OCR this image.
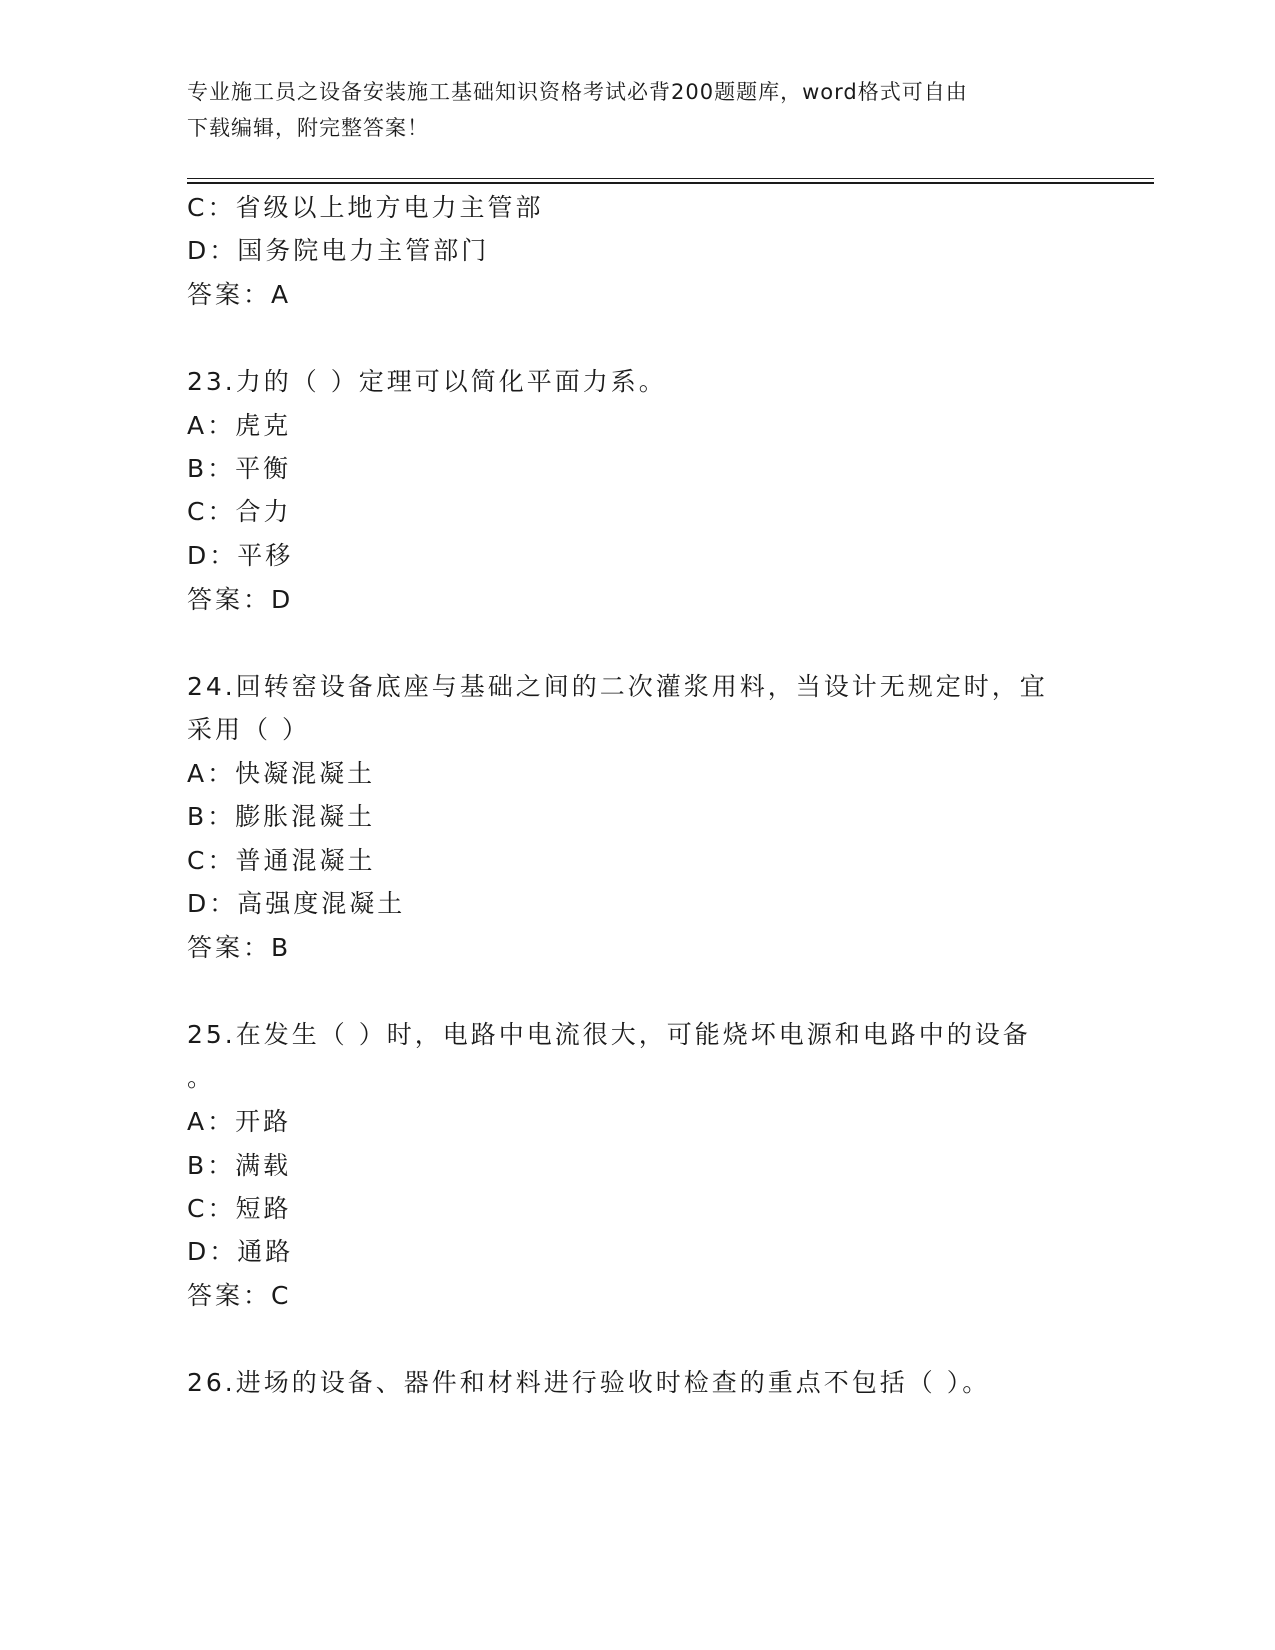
专业施工员之设备安装施工基础知识资格考试必背200题题库，word格式可自由
下载编辑，附完整答案！
C：省级以上地方电力主管部
D：国务院电力主管部门
答案：A
23.力的（ ）定理可以简化平面力系。
A：虎克
B：平衡
C：合力
D：平移
答案：D
24.回转窑设备底座与基础之间的二次灌浆用料，当设计无规定时，宜
采用（ ）
A：快凝混凝土
B：膨胀混凝土
C：普通混凝土
D：高强度混凝土
答案：B
25.在发生（ ）时，电路中电流很大，可能烧坏电源和电路中的设备
。
A：开路
B：满载
C：短路
D：通路
答案：C
26.进场的设备、器件和材料进行验收时检查的重点不包括（ ）。
